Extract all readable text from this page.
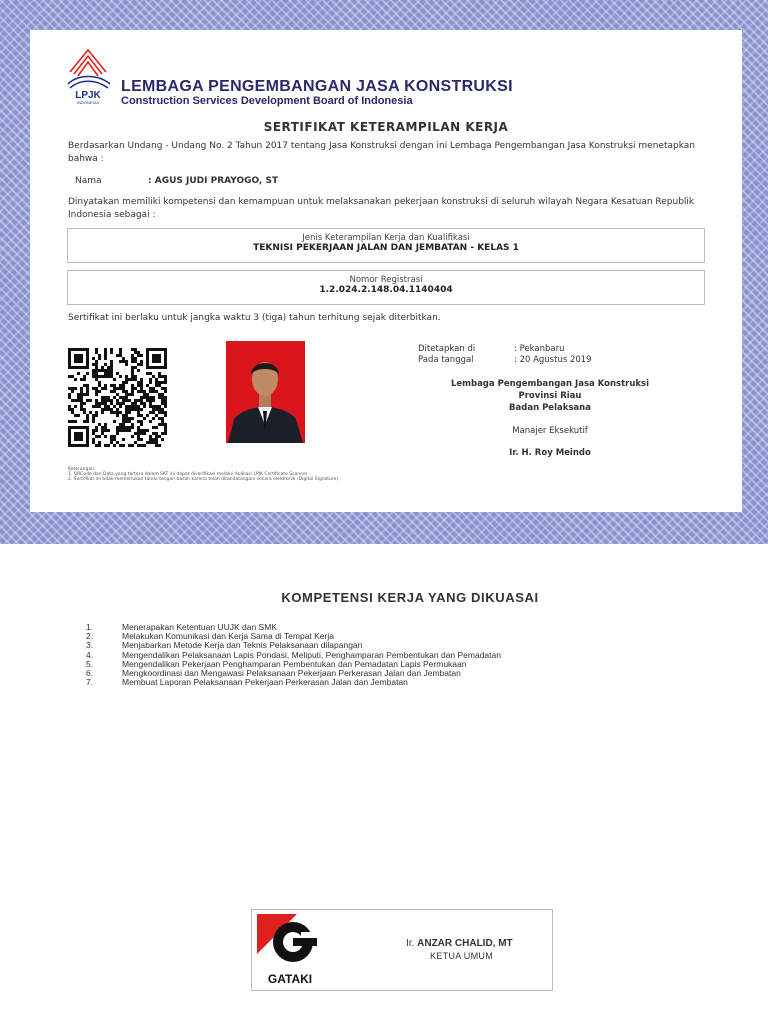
LPJK
INDONESIA
LEMBAGA PENGEMBANGAN JASA KONSTRUKSI
Construction Services Development Board of Indonesia
SERTIFIKAT KETERAMPILAN KERJA
Berdasarkan Undang - Undang No. 2 Tahun 2017 tentang Jasa Konstruksi dengan ini Lembaga Pengembangan Jasa Konstruksi menetapkan bahwa :
Nama	: AGUS JUDI PRAYOGO, ST
Dinyatakan memiliki kompetensi dan kemampuan untuk melaksanakan pekerjaan konstruksi di seluruh wilayah Negara Kesatuan Republik Indonesia sebagai :
Jenis Keterampilan Kerja dan Kualifikasi
TEKNISI PEKERJAAN JALAN DAN JEMBATAN - KELAS 1
Nomor Registrasi
1.2.024.2.148.04.1140404
Sertifikat ini berlaku untuk jangka waktu 3 (tiga) tahun terhitung sejak diterbitkan.
Ditetapkan di	: Pekanbaru
Pada tanggal	: 20 Agustus 2019
Lembaga Pengembangan Jasa Konstruksi
Provinsi Riau
Badan Pelaksana
Manajer Eksekutif
Ir. H. Roy Meindo
Keterangan:
1. QRCode dan Data yang tertera dalam SKT ini dapat diverifikasi melalui Aplikasi LPJK Certificate Scanner
2. Sertifikat ini tidak memerlukan tanda tangan basah karena telah ditandatangani secara elektronik (Digital Signature)
KOMPETENSI KERJA YANG DIKUASAI
1.	Menerapakan Ketentuan UUJK dan SMK
2.	Melakukan Komunikasi dan Kerja Sama di Tempat Kerja
3.	Menjabarkan Metode Kerja dan Teknis Pelaksanaan dilapangan
4.	Mengendalikan Pelaksanaan Lapis Pondasi, Meliputi, Penghamparan Pembentukan dan Pemadatan
5.	Mengendalikan Pekerjaan Penghamparan Pembentukan dan Pemadatan Lapis Permukaan
6.	Mengkoordinasi dan Mengawasi Pelaksanaan Pekerjaan Perkerasan Jalan dan Jembatan
7.	Membuat Laporan Pelaksanaan Pekerjaan Perkerasan Jalan dan Jembatan
GATAKI
Ir. ANZAR CHALID, MT
KETUA UMUM
